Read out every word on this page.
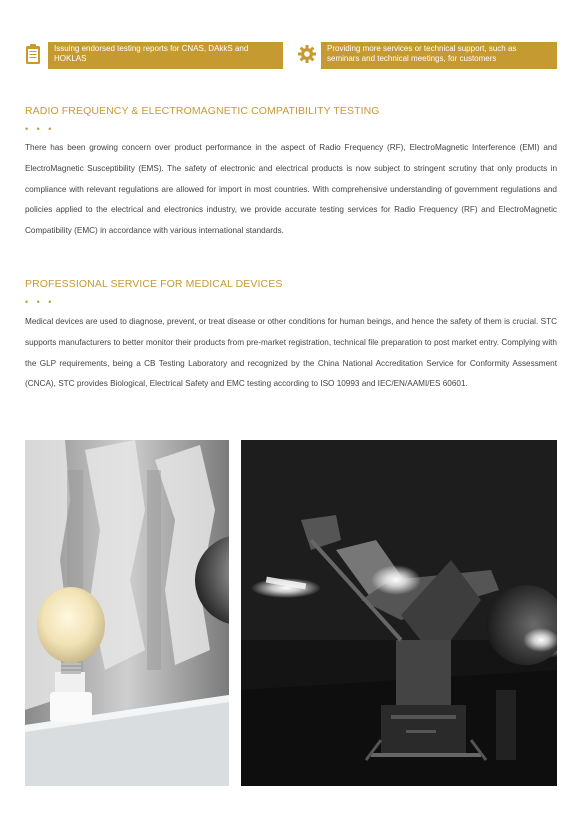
Issuing endorsed testing reports for CNAS, DAkkS and HOKLAS
Providing more services or technical support, such as seminars and technical meetings, for customers
RADIO FREQUENCY & ELECTROMAGNETIC COMPATIBILITY TESTING
• • •
There has been growing concern over product performance in the aspect of Radio Frequency (RF), ElectroMagnetic Interference (EMI) and ElectroMagnetic Susceptibility (EMS). The safety of electronic and electrical products is now subject to stringent scrutiny that only products in compliance with relevant regulations are allowed for import in most countries. With comprehensive understanding of government regulations and policies applied to the electrical and electronics industry, we provide accurate testing services for Radio Frequency (RF) and ElectroMagnetic Compatibility (EMC) in accordance with various international standards.
PROFESSIONAL SERVICE FOR MEDICAL DEVICES
• • •
Medical devices are used to diagnose, prevent, or treat disease or other conditions for human beings, and hence the safety of them is crucial. STC supports manufacturers to better monitor their products from pre-market registration, technical file preparation to post market entry. Complying with the GLP requirements, being a CB Testing Laboratory and recognized by the China National Accreditation Service for Conformity Assessment (CNCA), STC provides Biological, Electrical Safety and EMC testing according to ISO 10993 and IEC/EN/AAMI/ES 60601.
